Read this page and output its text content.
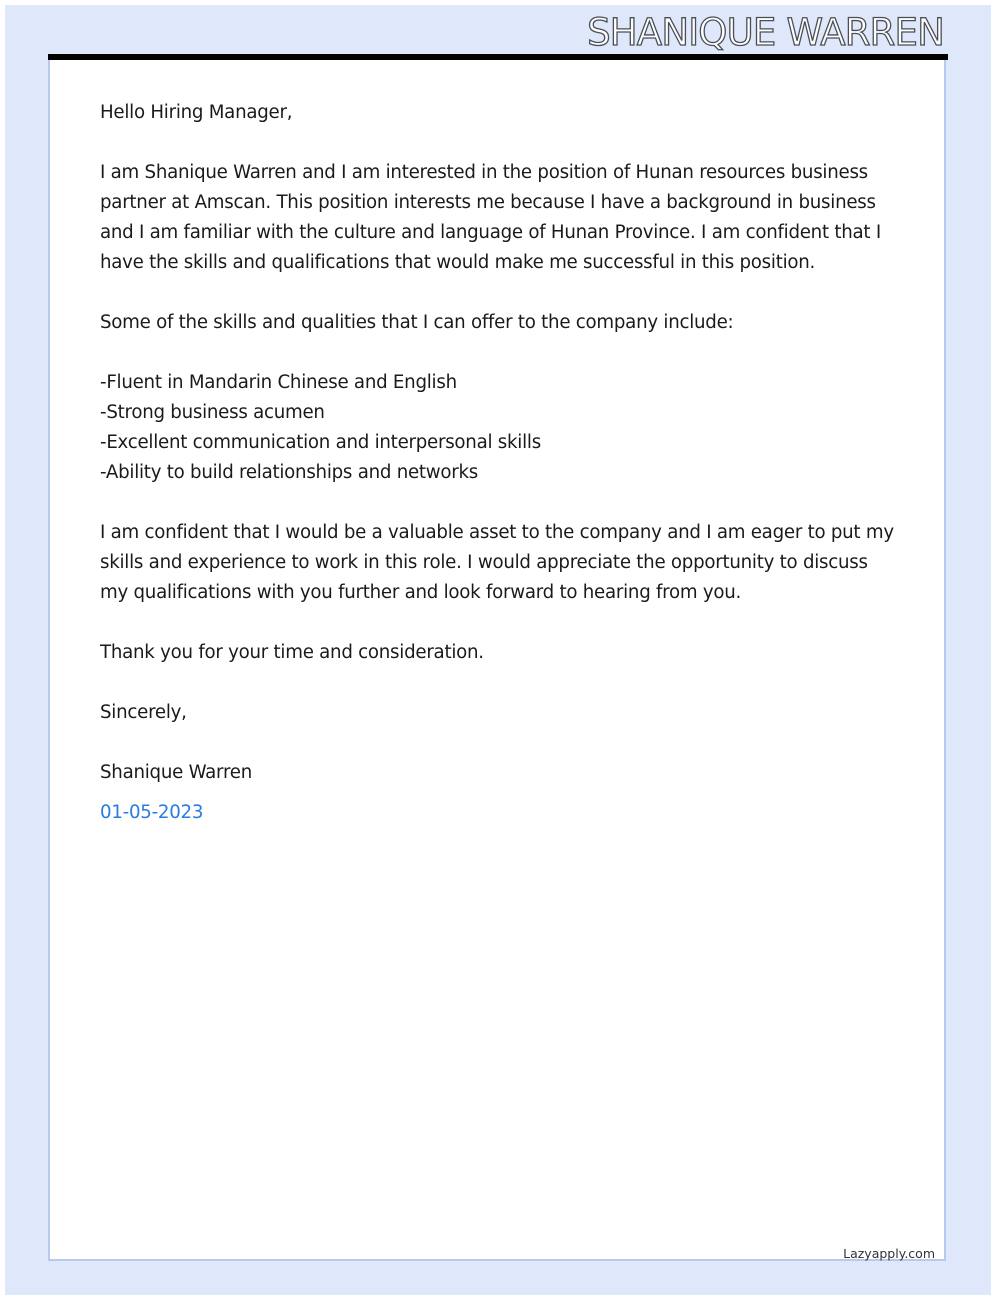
SHANIQUE WARREN

Hello Hiring Manager,

I am Shanique Warren and I am interested in the position of Hunan resources business partner at Amscan. This position interests me because I have a background in business and I am familiar with the culture and language of Hunan Province. I am confident that I have the skills and qualifications that would make me successful in this position.

Some of the skills and qualities that I can offer to the company include:

-Fluent in Mandarin Chinese and English
-Strong business acumen
-Excellent communication and interpersonal skills
-Ability to build relationships and networks

I am confident that I would be a valuable asset to the company and I am eager to put my skills and experience to work in this role. I would appreciate the opportunity to discuss my qualifications with you further and look forward to hearing from you.

Thank you for your time and consideration.

Sincerely,

Shanique Warren

01-05-2023

Lazyapply.com
